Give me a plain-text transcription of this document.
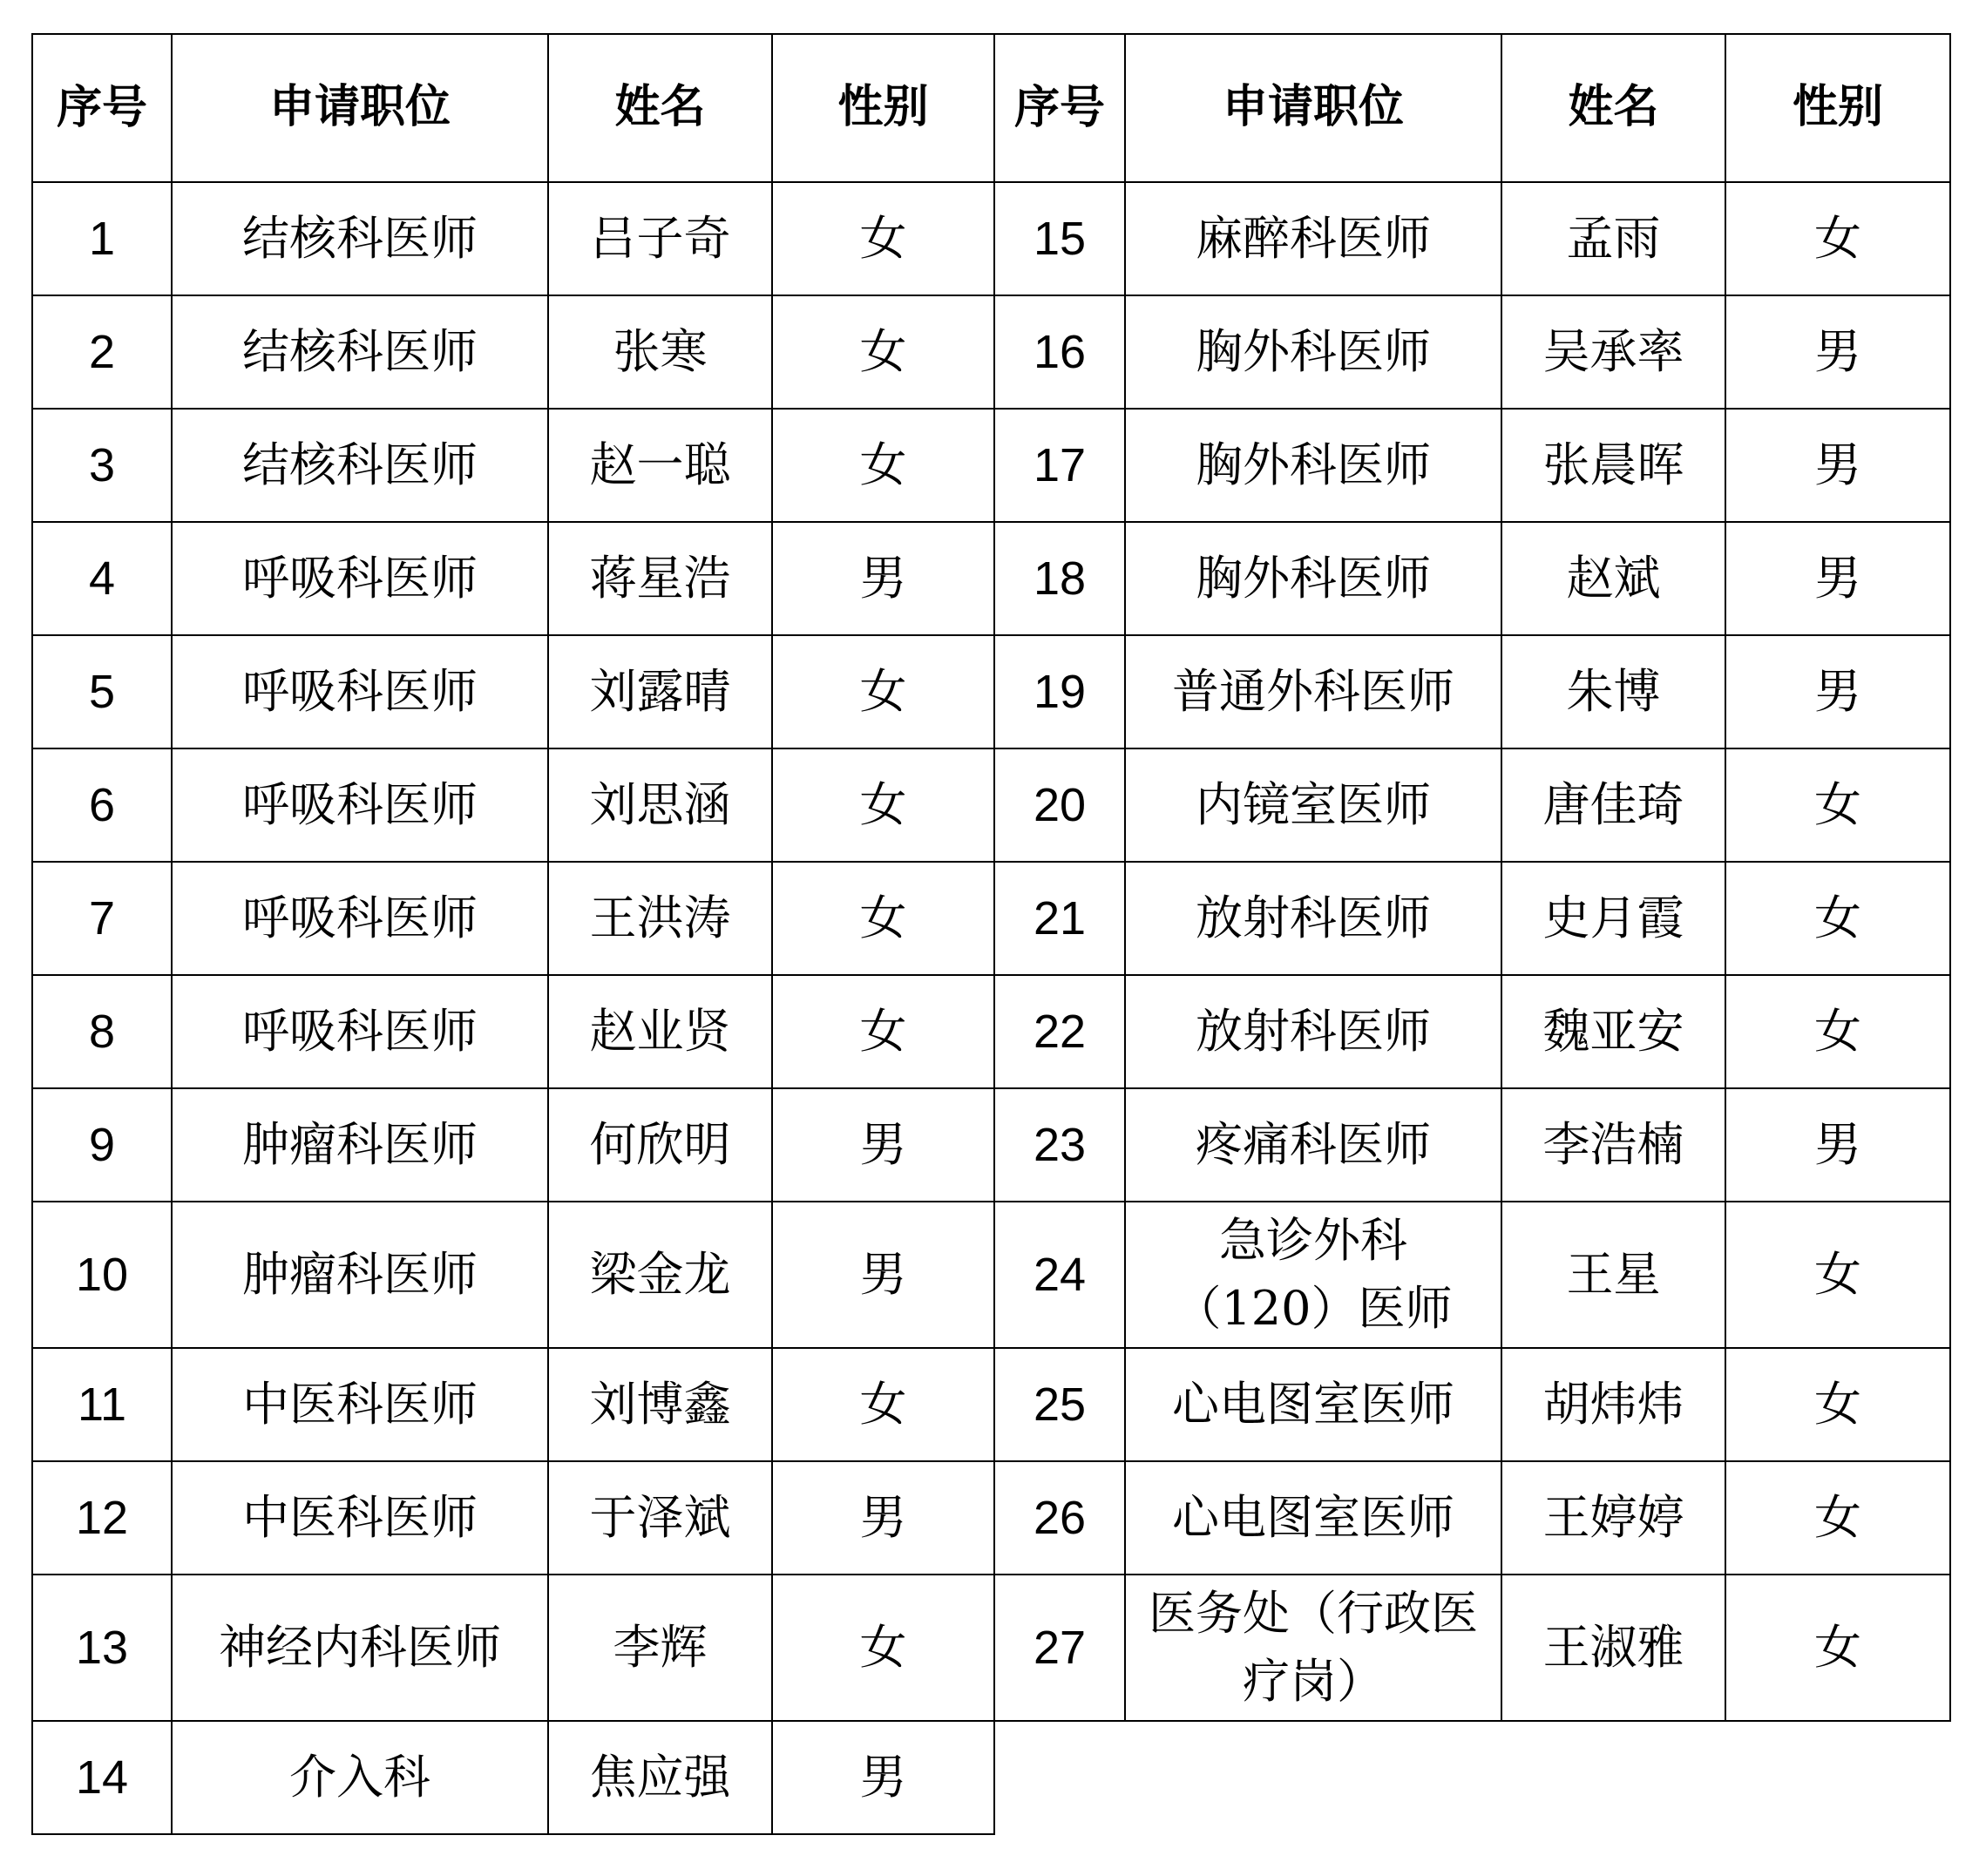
序号	申请职位	姓名	性别	序号	申请职位	姓名	性别
1	结核科医师	吕子奇	女	15	麻醉科医师	孟雨	女
2	结核科医师	张寒	女	16	胸外科医师	吴承率	男
3	结核科医师	赵一聪	女	17	胸外科医师	张晨晖	男
4	呼吸科医师	蒋星浩	男	18	胸外科医师	赵斌	男
5	呼吸科医师	刘露晴	女	19	普通外科医师	朱博	男
6	呼吸科医师	刘思涵	女	20	内镜室医师	唐佳琦	女
7	呼吸科医师	王洪涛	女	21	放射科医师	史月霞	女
8	呼吸科医师	赵业贤	女	22	放射科医师	魏亚安	女
9	肿瘤科医师	何欣明	男	23	疼痛科医师	李浩楠	男
10	肿瘤科医师	梁金龙	男	24	急诊外科（120）医师	王星	女
11	中医科医师	刘博鑫	女	25	心电图室医师	胡炜炜	女
12	中医科医师	于泽斌	男	26	心电图室医师	王婷婷	女
13	神经内科医师	李辉	女	27	医务处（行政医疗岗）	王淑雅	女
14	介入科	焦应强	男				
